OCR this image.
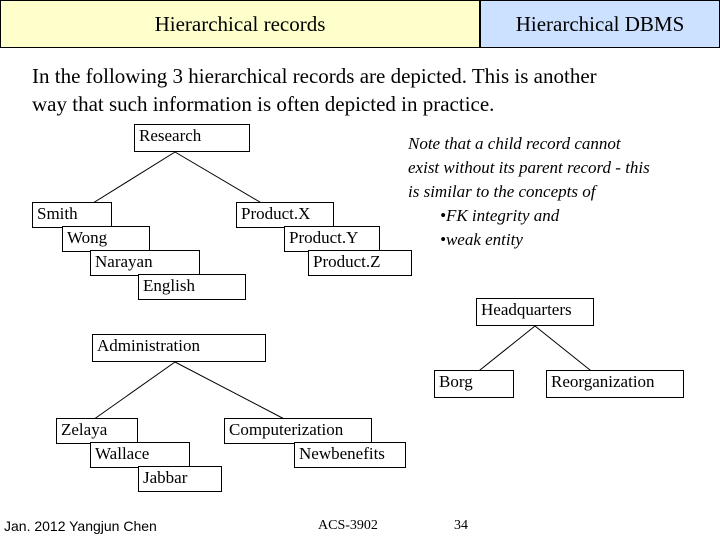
Hierarchical records	Hierarchical DBMS
In the following 3 hierarchical records are depicted. This is another
way that such information is often depicted in practice.
Note that a child record cannot
exist without its parent record - this
is similar to the concepts of
•FK integrity and
•weak entity
Research
Smith
Wong
Narayan
English
Product.X
Product.Y
Product.Z
Headquarters
Borg	Reorganization
Administration
Zelaya
Wallace
Jabbar
Computerization
Newbenefits
Jan. 2012 Yangjun Chen	ACS-3902	34
